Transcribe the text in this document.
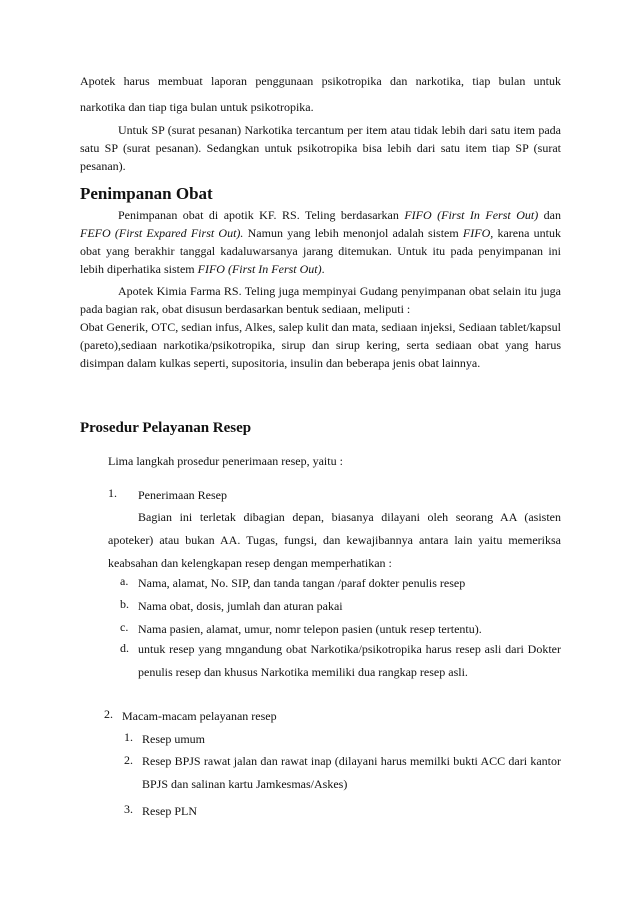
Apotek harus membuat laporan penggunaan psikotropika dan narkotika, tiap bulan untuk

narkotika dan tiap tiga bulan untuk psikotropika.

Untuk SP (surat pesanan) Narkotika tercantum per item atau tidak lebih dari satu item pada satu SP (surat pesanan). Sedangkan untuk psikotropika bisa lebih dari satu item tiap SP (surat pesanan).

Penimpanan Obat

Penimpanan obat di apotik KF. RS. Teling berdasarkan FIFO (First In Ferst Out) dan FEFO (First Expared First Out). Namun yang lebih menonjol adalah sistem FIFO, karena untuk obat yang berakhir tanggal kadaluwarsanya jarang ditemukan. Untuk itu pada penyimpanan ini lebih diperhatika sistem FIFO (First In Ferst Out).

Apotek Kimia Farma RS. Teling juga mempinyai Gudang penyimpanan obat selain itu juga pada bagian rak, obat disusun berdasarkan bentuk sediaan, meliputi :

Obat Generik, OTC, sedian infus, Alkes, salep kulit dan mata, sediaan injeksi, Sediaan tablet/kapsul (pareto),sediaan narkotika/psikotropika, sirup dan sirup kering, serta sediaan obat yang harus disimpan dalam kulkas seperti, supositoria, insulin dan beberapa jenis obat lainnya.

Prosedur Pelayanan Resep

Lima langkah prosedur penerimaan resep, yaitu :

1. Penerimaan Resep

Bagian ini terletak dibagian depan, biasanya dilayani oleh seorang AA (asisten apoteker) atau bukan AA. Tugas, fungsi, dan kewajibannya antara lain yaitu memeriksa keabsahan dan kelengkapan resep dengan memperhatikan :

a. Nama, alamat, No. SIP, dan tanda tangan /paraf dokter penulis resep

b. Nama obat, dosis, jumlah dan aturan pakai

c. Nama pasien, alamat, umur, nomr telepon pasien (untuk resep tertentu).

d. untuk resep yang mngandung obat Narkotika/psikotropika harus resep asli dari Dokter penulis resep dan khusus Narkotika memiliki dua rangkap resep asli.

2. Macam-macam pelayanan resep

1. Resep umum

2. Resep BPJS rawat jalan dan rawat inap (dilayani harus memilki bukti ACC dari kantor BPJS dan salinan kartu Jamkesmas/Askes)

3. Resep PLN
